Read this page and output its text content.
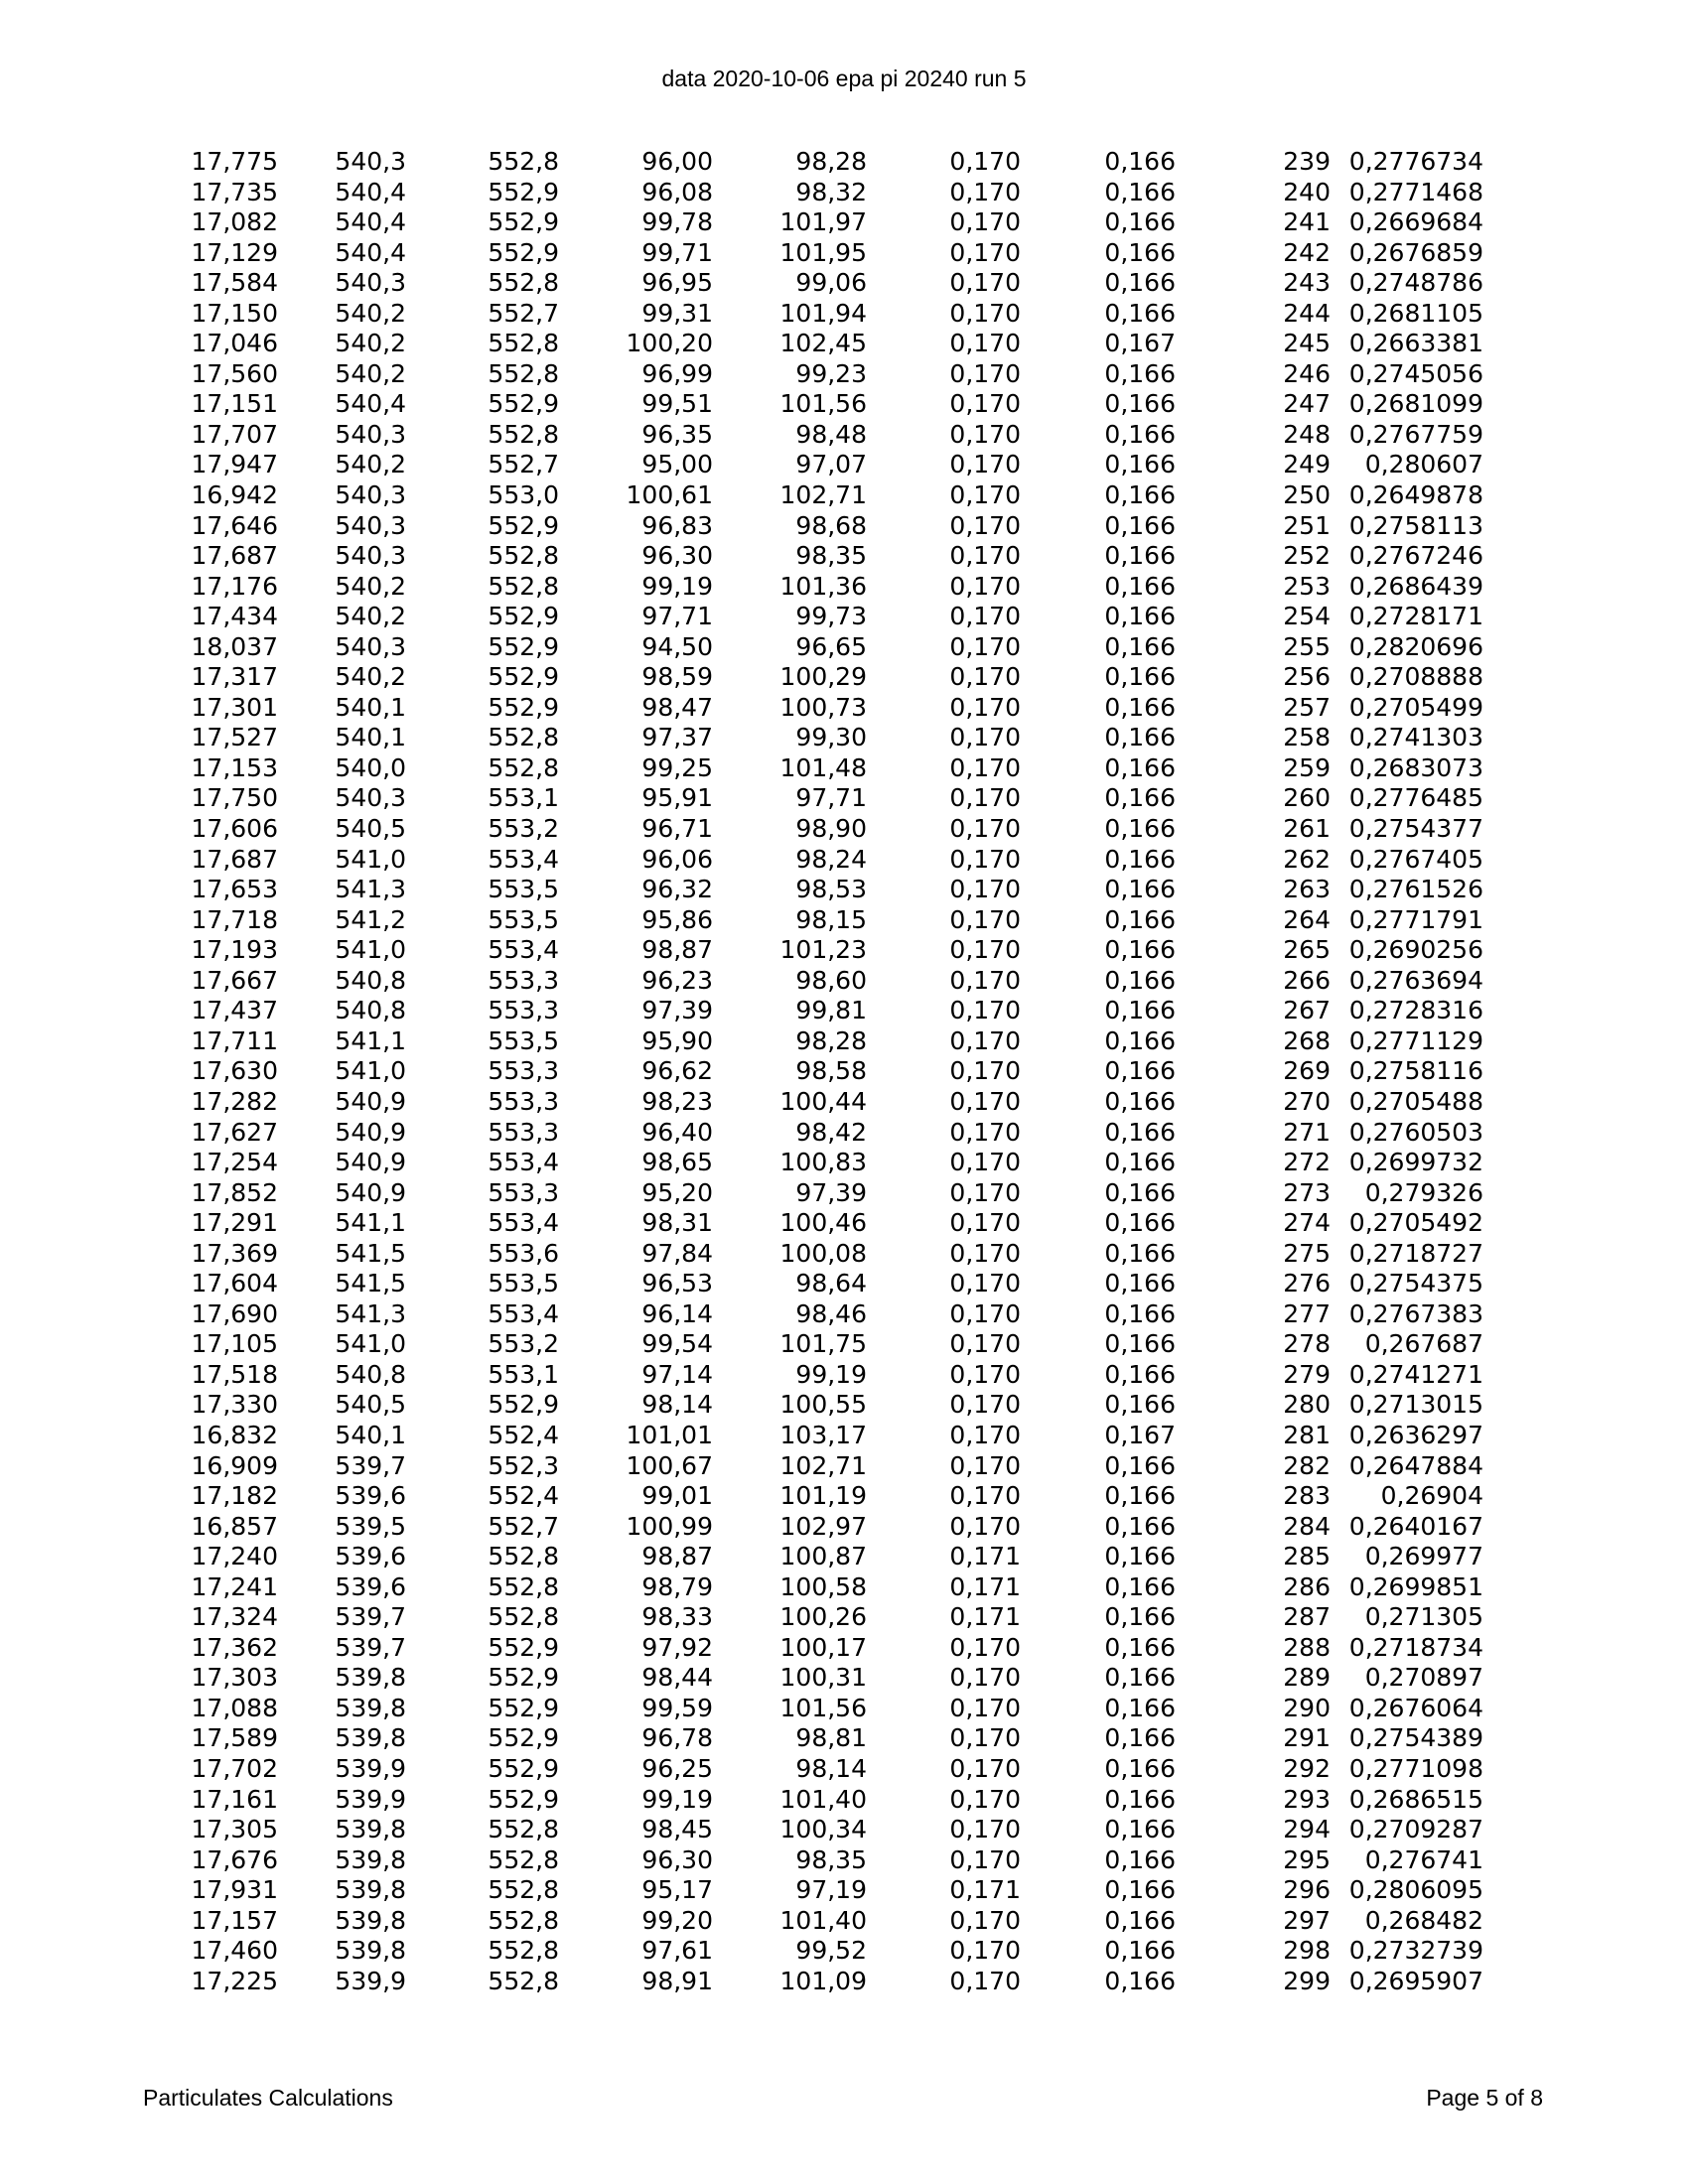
data 2020-10-06 epa pi 20240 run 5
	17,775	540,3	552,8	96,00	98,28	0,170	0,166	239	0,2776734	
	17,735	540,4	552,9	96,08	98,32	0,170	0,166	240	0,2771468	
	17,082	540,4	552,9	99,78	101,97	0,170	0,166	241	0,2669684	
	17,129	540,4	552,9	99,71	101,95	0,170	0,166	242	0,2676859	
	17,584	540,3	552,8	96,95	99,06	0,170	0,166	243	0,2748786	
	17,150	540,2	552,7	99,31	101,94	0,170	0,166	244	0,2681105	
	17,046	540,2	552,8	100,20	102,45	0,170	0,167	245	0,2663381	
	17,560	540,2	552,8	96,99	99,23	0,170	0,166	246	0,2745056	
	17,151	540,4	552,9	99,51	101,56	0,170	0,166	247	0,2681099	
	17,707	540,3	552,8	96,35	98,48	0,170	0,166	248	0,2767759	
	17,947	540,2	552,7	95,00	97,07	0,170	0,166	249	0,280607	
	16,942	540,3	553,0	100,61	102,71	0,170	0,166	250	0,2649878	
	17,646	540,3	552,9	96,83	98,68	0,170	0,166	251	0,2758113	
	17,687	540,3	552,8	96,30	98,35	0,170	0,166	252	0,2767246	
	17,176	540,2	552,8	99,19	101,36	0,170	0,166	253	0,2686439	
	17,434	540,2	552,9	97,71	99,73	0,170	0,166	254	0,2728171	
	18,037	540,3	552,9	94,50	96,65	0,170	0,166	255	0,2820696	
	17,317	540,2	552,9	98,59	100,29	0,170	0,166	256	0,2708888	
	17,301	540,1	552,9	98,47	100,73	0,170	0,166	257	0,2705499	
	17,527	540,1	552,8	97,37	99,30	0,170	0,166	258	0,2741303	
	17,153	540,0	552,8	99,25	101,48	0,170	0,166	259	0,2683073	
	17,750	540,3	553,1	95,91	97,71	0,170	0,166	260	0,2776485	
	17,606	540,5	553,2	96,71	98,90	0,170	0,166	261	0,2754377	
	17,687	541,0	553,4	96,06	98,24	0,170	0,166	262	0,2767405	
	17,653	541,3	553,5	96,32	98,53	0,170	0,166	263	0,2761526	
	17,718	541,2	553,5	95,86	98,15	0,170	0,166	264	0,2771791	
	17,193	541,0	553,4	98,87	101,23	0,170	0,166	265	0,2690256	
	17,667	540,8	553,3	96,23	98,60	0,170	0,166	266	0,2763694	
	17,437	540,8	553,3	97,39	99,81	0,170	0,166	267	0,2728316	
	17,711	541,1	553,5	95,90	98,28	0,170	0,166	268	0,2771129	
	17,630	541,0	553,3	96,62	98,58	0,170	0,166	269	0,2758116	
	17,282	540,9	553,3	98,23	100,44	0,170	0,166	270	0,2705488	
	17,627	540,9	553,3	96,40	98,42	0,170	0,166	271	0,2760503	
	17,254	540,9	553,4	98,65	100,83	0,170	0,166	272	0,2699732	
	17,852	540,9	553,3	95,20	97,39	0,170	0,166	273	0,279326	
	17,291	541,1	553,4	98,31	100,46	0,170	0,166	274	0,2705492	
	17,369	541,5	553,6	97,84	100,08	0,170	0,166	275	0,2718727	
	17,604	541,5	553,5	96,53	98,64	0,170	0,166	276	0,2754375	
	17,690	541,3	553,4	96,14	98,46	0,170	0,166	277	0,2767383	
	17,105	541,0	553,2	99,54	101,75	0,170	0,166	278	0,267687	
	17,518	540,8	553,1	97,14	99,19	0,170	0,166	279	0,2741271	
	17,330	540,5	552,9	98,14	100,55	0,170	0,166	280	0,2713015	
	16,832	540,1	552,4	101,01	103,17	0,170	0,167	281	0,2636297	
	16,909	539,7	552,3	100,67	102,71	0,170	0,166	282	0,2647884	
	17,182	539,6	552,4	99,01	101,19	0,170	0,166	283	0,26904	
	16,857	539,5	552,7	100,99	102,97	0,170	0,166	284	0,2640167	
	17,240	539,6	552,8	98,87	100,87	0,171	0,166	285	0,269977	
	17,241	539,6	552,8	98,79	100,58	0,171	0,166	286	0,2699851	
	17,324	539,7	552,8	98,33	100,26	0,171	0,166	287	0,271305	
	17,362	539,7	552,9	97,92	100,17	0,170	0,166	288	0,2718734	
	17,303	539,8	552,9	98,44	100,31	0,170	0,166	289	0,270897	
	17,088	539,8	552,9	99,59	101,56	0,170	0,166	290	0,2676064	
	17,589	539,8	552,9	96,78	98,81	0,170	0,166	291	0,2754389	
	17,702	539,9	552,9	96,25	98,14	0,170	0,166	292	0,2771098	
	17,161	539,9	552,9	99,19	101,40	0,170	0,166	293	0,2686515	
	17,305	539,8	552,8	98,45	100,34	0,170	0,166	294	0,2709287	
	17,676	539,8	552,8	96,30	98,35	0,170	0,166	295	0,276741	
	17,931	539,8	552,8	95,17	97,19	0,171	0,166	296	0,2806095	
	17,157	539,8	552,8	99,20	101,40	0,170	0,166	297	0,268482	
	17,460	539,8	552,8	97,61	99,52	0,170	0,166	298	0,2732739	
	17,225	539,9	552,8	98,91	101,09	0,170	0,166	299	0,2695907	
Particulates Calculations	Page 5 of 8
